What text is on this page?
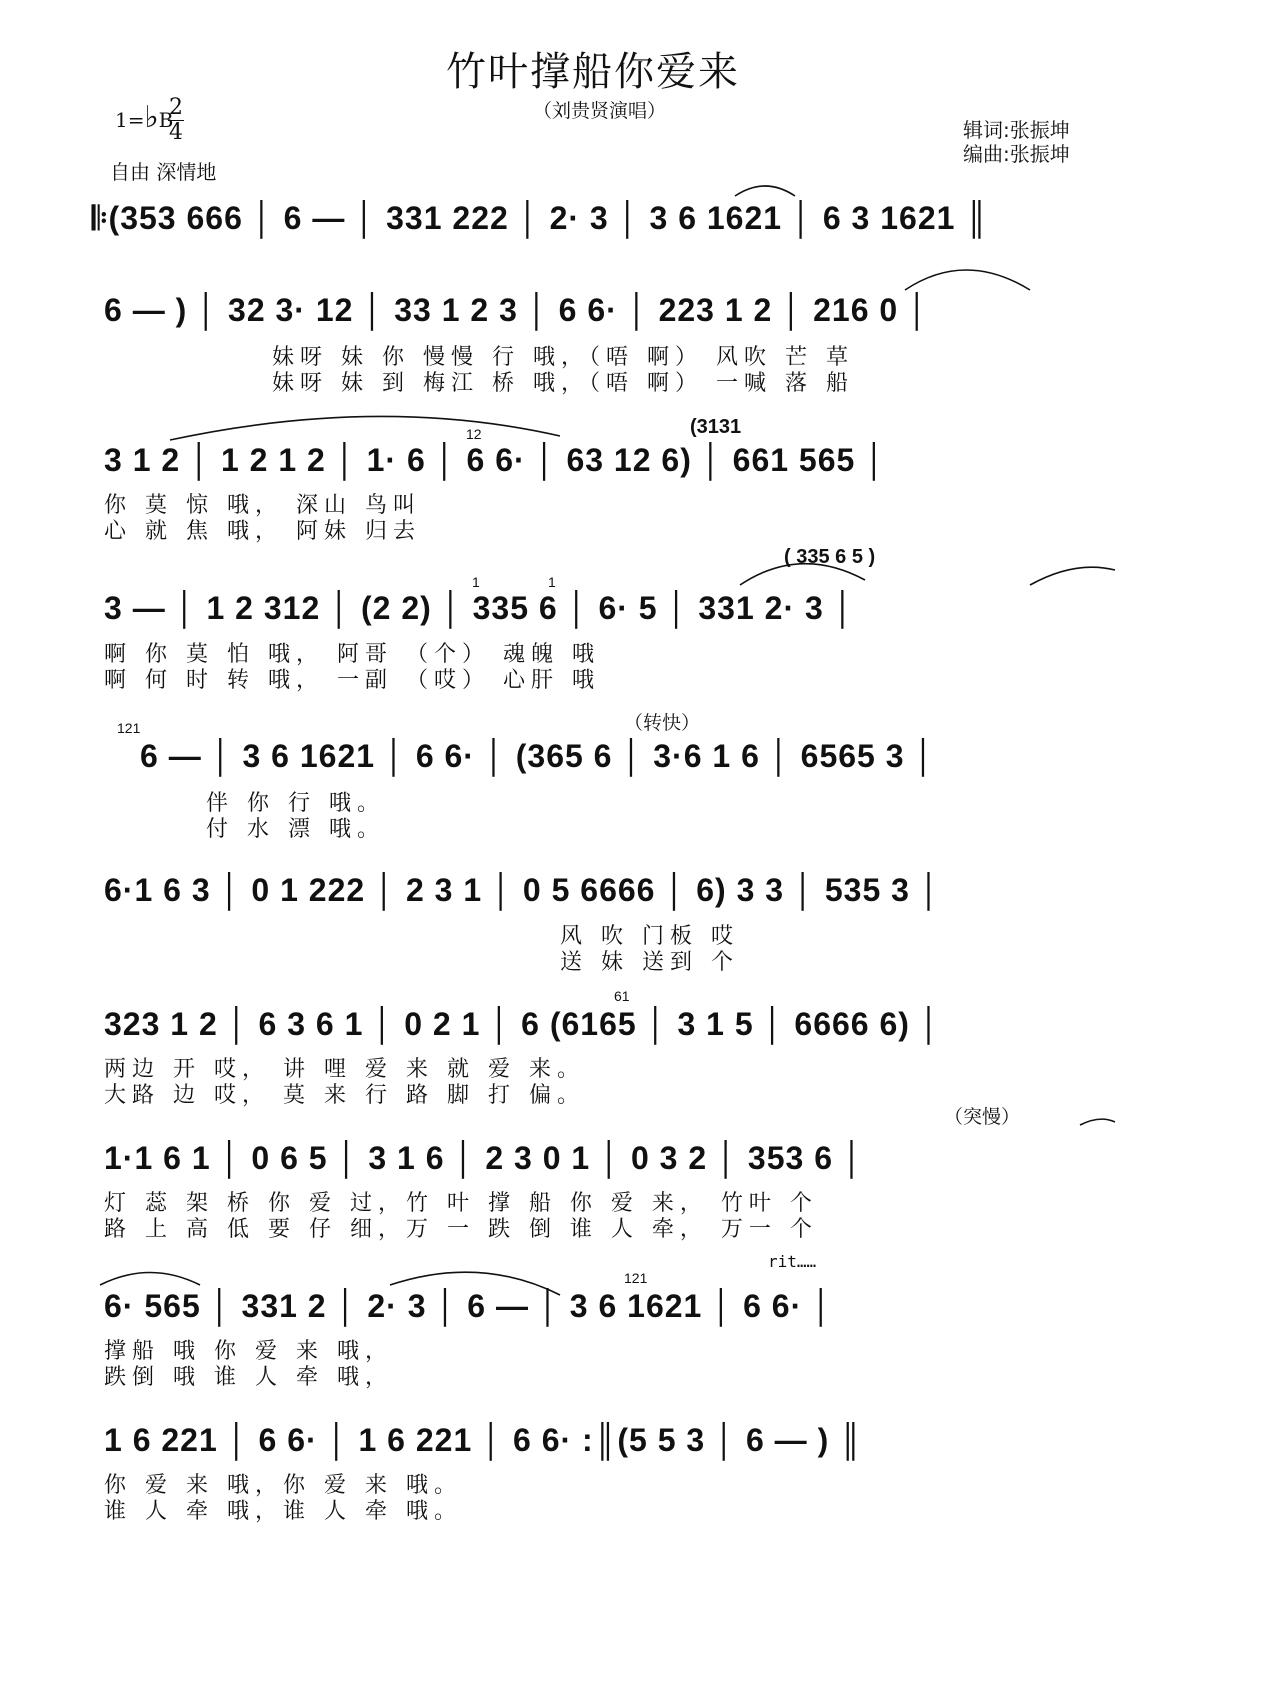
竹叶撑船你爱来
（刘贵贤演唱）
1=♭B
2
4
自由 深情地
辑词:张振坤
编曲:张振坤
𝄆(353 666 │ 6 — │ 331 222 │ 2· 3 │ 3 6 1621 │ 6 3 1621 ║
6 — ) │ 32 3· 12 │ 33 1 2 3 │ 6 6· │ 223 1 2 │ 216 0 │
妹呀 妹 你 慢慢 行 哦，（唔 啊） 风吹 芒 草
妹呀 妹 到 梅江 桥 哦，（唔 啊） 一喊 落 船
3 1 2 │ 1 2 1 2 │ 1· 6 │ 6 6· │ 63 12 6) │ 661 565 │
你 莫 惊 哦， 深山 鸟叫
心 就 焦 哦， 阿妹 归去
3 — │ 1 2 312 │ (2 2) │ 335 6 │ 6· 5 │ 331 2· 3 │
啊 你 莫 怕 哦， 阿哥 （个） 魂魄 哦
啊 何 时 转 哦， 一副 （哎） 心肝 哦
6 — │ 3 6 1621 │ 6 6· │ (365 6 │ 3·6 1 6 │ 6565 3 │
伴 你 行 哦。
付 水 漂 哦。
6·1 6 3 │ 0 1 222 │ 2 3 1 │ 0 5 6666 │ 6) 3 3 │ 535 3 │
风 吹 门板 哎
送 妹 送到 个
323 1 2 │ 6 3 6 1 │ 0 2 1 │ 6 (6165 │ 3 1 5 │ 6666 6) │
两边 开 哎， 讲 哩 爱 来 就 爱 来。
大路 边 哎， 莫 来 行 路 脚 打 偏。
1·1 6 1 │ 0 6 5 │ 3 1 6 │ 2 3 0 1 │ 0 3 2 │ 353 6 │
灯 蕊 架 桥 你 爱 过，竹 叶 撑 船 你 爱 来， 竹叶 个
路 上 高 低 要 仔 细，万 一 跌 倒 谁 人 牵， 万一 个
6· 565 │ 331 2 │ 2· 3 │ 6 — │ 3 6 1621 │ 6 6· │
撑船 哦 你 爱 来 哦，
跌倒 哦 谁 人 牵 哦，
1 6 221 │ 6 6· │ 1 6 221 │ 6 6· :║(5 5 3 │ 6 — ) ║
你 爱 来 哦，你 爱 来 哦。
谁 人 牵 哦，谁 人 牵 哦。
12	(3131
( 335 6 5 )
1	1
121	（转快）
61
（突慢）
121
rit……
